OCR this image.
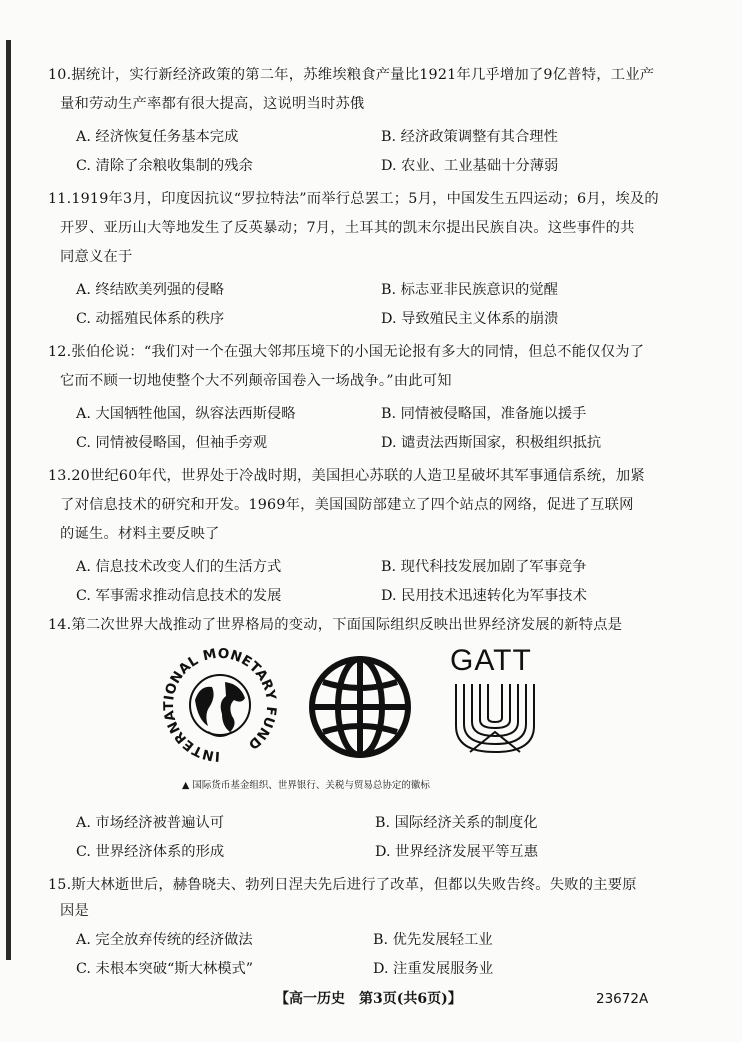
10.据统计，实行新经济政策的第二年，苏维埃粮食产量比1921年几乎增加了9亿普特，工业产
量和劳动生产率都有很大提高，这说明当时苏俄
A. 经济恢复任务基本完成	B. 经济政策调整有其合理性
C. 清除了余粮收集制的残余	D. 农业、工业基础十分薄弱
11.1919年3月，印度因抗议“罗拉特法”而举行总罢工；5月，中国发生五四运动；6月，埃及的
开罗、亚历山大等地发生了反英暴动；7月，土耳其的凯末尔提出民族自决。这些事件的共
同意义在于
A. 终结欧美列强的侵略	B. 标志亚非民族意识的觉醒
C. 动摇殖民体系的秩序	D. 导致殖民主义体系的崩溃
12.张伯伦说：“我们对一个在强大邻邦压境下的小国无论报有多大的同情，但总不能仅仅为了
它而不顾一切地使整个大不列颠帝国卷入一场战争。”由此可知
A. 大国牺牲他国，纵容法西斯侵略	B. 同情被侵略国，准备施以援手
C. 同情被侵略国，但袖手旁观	D. 谴责法西斯国家，积极组织抵抗
13.20世纪60年代，世界处于冷战时期，美国担心苏联的人造卫星破坏其军事通信系统，加紧
了对信息技术的研究和开发。1969年，美国国防部建立了四个站点的网络，促进了互联网
的诞生。材料主要反映了
A. 信息技术改变人们的生活方式	B. 现代科技发展加剧了军事竞争
C. 军事需求推动信息技术的发展	D. 民用技术迅速转化为军事技术
14.第二次世界大战推动了世界格局的变动，下面国际组织反映出世界经济发展的新特点是
INTERNATIONAL MONETARY FUND
GATT
▲ 国际货币基金组织、世界银行、关税与贸易总协定的徽标
A. 市场经济被普遍认可	B. 国际经济关系的制度化
C. 世界经济体系的形成	D. 世界经济发展平等互惠
15.斯大林逝世后，赫鲁晓夫、勃列日涅夫先后进行了改革，但都以失败告终。失败的主要原
因是
A. 完全放弃传统的经济做法	B. 优先发展轻工业
C. 未根本突破“斯大林模式”	D. 注重发展服务业
【高一历史　第3页(共6页)】	23672A
